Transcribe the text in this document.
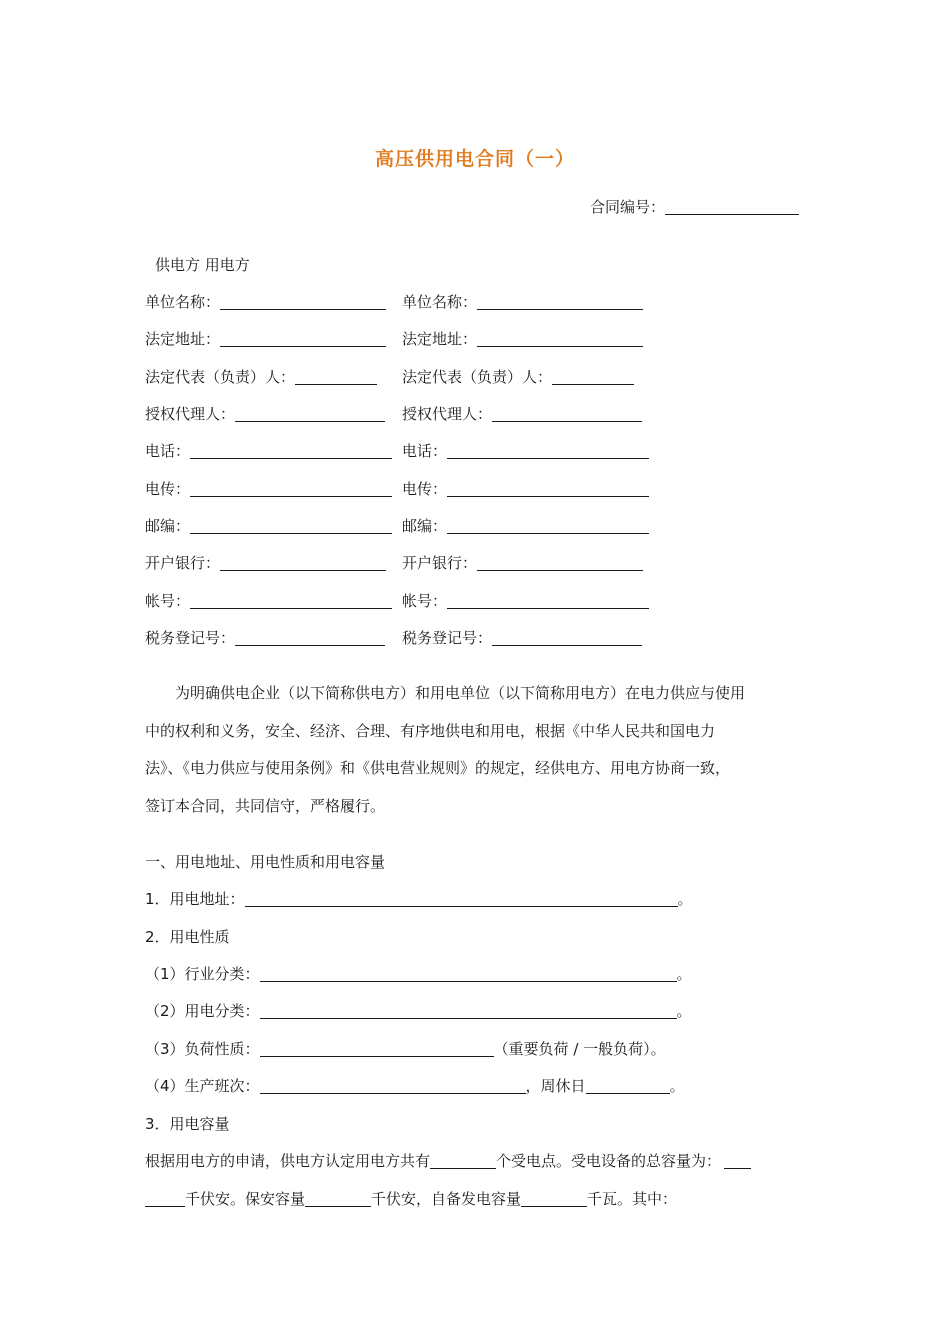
高压供用电合同（一）
合同编号：
供电方 用电方
单位名称：	单位名称：
法定地址：	法定地址：
法定代表（负责）人：	法定代表（负责）人：
授权代理人：	授权代理人：
电话：	电话：
电传：	电传：
邮编：	邮编：
开户银行：	开户银行：
帐号：	帐号：
税务登记号：	税务登记号：
　　为明确供电企业（以下简称供电方）和用电单位（以下简称用电方）在电力供应与使用
中的权利和义务，安全、经济、合理、有序地供电和用电，根据《中华人民共和国电力
法》、《电力供应与使用条例》和《供电营业规则》的规定，经供电方、用电方协商一致，
签订本合同，共同信守，严格履行。
一、用电地址、用电性质和用电容量
1．用电地址：	。
2．用电性质
（1）行业分类：	。
（2）用电分类：	。
（3）负荷性质：	（重要负荷 / 一般负荷）。
（4）生产班次：	，周休日	。
3．用电容量
根据用电方的申请，供电方认定用电方共有	个受电点。受电设备的总容量为：
千伏安。保安容量	千伏安，自备发电容量	千瓦。其中：
